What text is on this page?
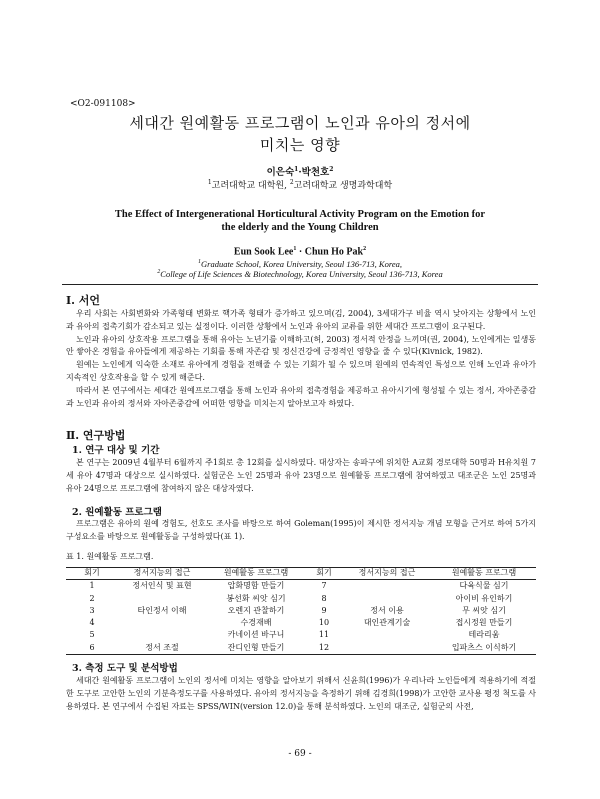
<O2-091108>
세대간 원예활동 프로그램이 노인과 유아의 정서에
미치는 영향
이은숙$^1$·박천호$^2$
$^1$고려대학교 대학원, $^2$고려대학교 생명과학대학
The Effect of Intergenerational Horticultural Activity Program on the Emotion for
the elderly and the Young Children
Eun Sook Lee$^1$ · Chun Ho Pak$^2$
$^1$Graduate School, Korea University, Seoul 136-713, Korea,
$^2$College of Life Sciences & Biotechnology, Korea University, Seoul 136-713, Korea
Ⅰ. 서언

우리 사회는 사회변화와 가족형태 변화로 핵가족 형태가 증가하고 있으며(김, 2004), 3세대가구 비율 역시 낮아지는 상황에서 노인과 유아의 접촉기회가 감소되고 있는 실정이다. 이러한 상황에서 노인과 유아의 교류를 위한 세대간 프로그램이 요구된다.

노인과 유아의 상호작용 프로그램을 통해 유아는 노년기를 이해하고(허, 2003) 정서적 안정을 느끼며(권, 2004), 노인에게는 일생동안 쌓아온 경험을 유아들에게 제공하는 기회를 통해 자존감 및 정신건강에 긍정적인 영향을 줄 수 있다(Kivnick, 1982).

원예는 노인에게 익숙한 소재로 유아에게 경험을 전해줄 수 있는 기회가 될 수 있으며 원예의 연속적인 특성으로 인해 노인과 유아가 지속적인 상호작용을 할 수 있게 해준다.

따라서 본 연구에서는 세대간 원예프로그램을 통해 노인과 유아의 접촉경험을 제공하고 유아시기에 형성될 수 있는 정서, 자아존중감과 노인과 유아의 정서와 자아존중감에 어떠한 영향을 미치는지 알아보고자 하였다.

Ⅱ. 연구방법
1. 연구 대상 및 기간

본 연구는 2009년 4월부터 6월까지 주1회로 총 12회를 실시하였다. 대상자는 송파구에 위치한 A교회 경로대학 50명과 H유치원 7세 유아 47명과 대상으로 실시하였다. 실험군은 노인 25명과 유아 23명으로 원예활동 프로그램에 참여하였고 대조군은 노인 25명과 유아 24명으로 프로그램에 참여하지 않은 대상자였다.

2. 원예활동 프로그램

프로그램은 유아의 원예 경험도, 선호도 조사를 바탕으로 하여 Goleman(1995)이 제시한 정서지능 개념 모형을 근거로 하여 5가지 구성요소를 바탕으로 원예활동을 구성하였다(표 1).

표 1. 원예활동 프로그램.
회기	정서지능의 접근	원예활동 프로그램	회기	정서지능의 접근	원예활동 프로그램
1	정서인식 및 표현	압화명함 만들기	7		다육식물 심기
2		봉선화 씨앗 심기	8		아이비 유인하기
3	타인정서 이해	오렌지 관찰하기	9	정서 이용	무 씨앗 심기
4		수경재배	10	대인관계기술	접시정원 만들기
5		카네이션 바구니	11		테라리움
6	정서 조절	잔디인형 만들기	12		입파츠스 이식하기
3. 측정 도구 및 분석방법

세대간 원예활동 프로그램이 노인의 정서에 미치는 영향을 알아보기 위해서 신윤희(1996)가 우리나라 노인들에게 적용하기에 적절한 도구로 고안한 노인의 기분측정도구를 사용하였다. 유아의 정서지능을 측정하기 위해 김경희(1998)가 고안한 교사용 평정 척도를 사용하였다. 본 연구에서 수집된 자료는 SPSS/WIN(version 12.0)을 통해 분석하였다. 노인의 대조군, 실험군의 사전,

- 69 -
